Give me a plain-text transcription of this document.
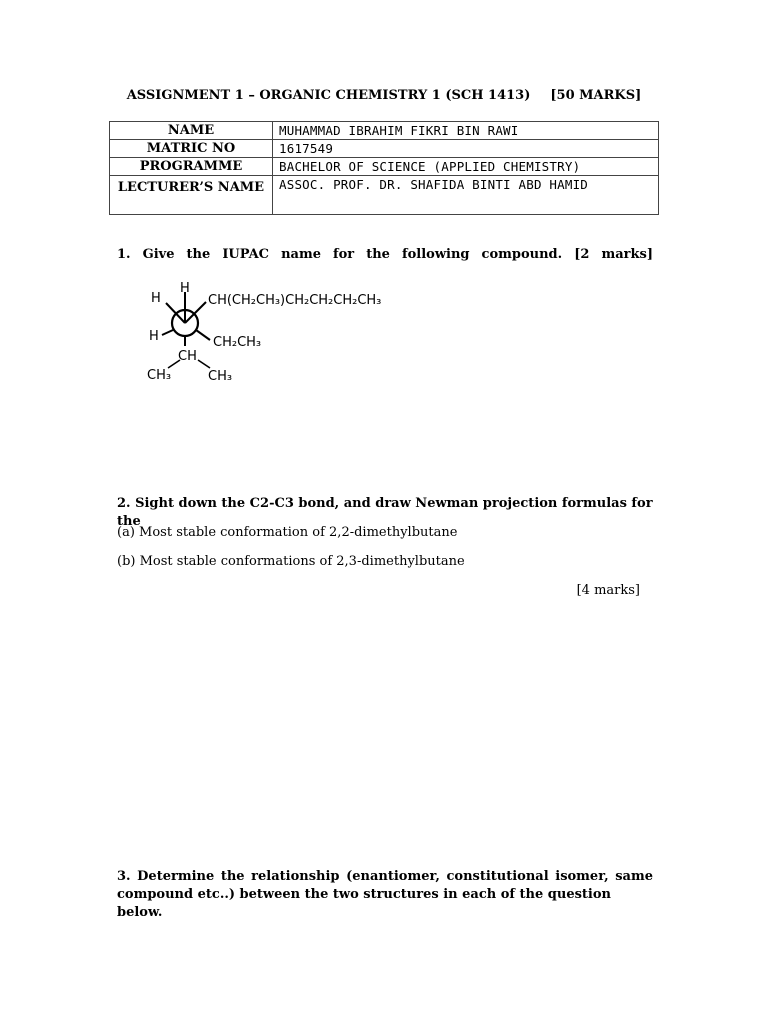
ASSIGNMENT 1 – ORGANIC CHEMISTRY 1 (SCH 1413) [50 MARKS]
NAME	MUHAMMAD IBRAHIM FIKRI BIN RAWI
MATRIC NO	1617549
PROGRAMME	BACHELOR OF SCIENCE (APPLIED CHEMISTRY)
LECTURER’S NAME	ASSOC. PROF. DR. SHAFIDA BINTI ABD HAMID
1. Give the IUPAC name for the following compound. [2 marks]
H
H	CH(CH₂CH₃)CH₂CH₂CH₂CH₃
H	CH₂CH₃
CH
CH₃	CH₃
2. Sight down the C2-C3 bond, and draw Newman projection formulas for the
(a) Most stable conformation of 2,2-dimethylbutane
(b) Most stable conformations of 2,3-dimethylbutane
[4 marks]
3. Determine the relationship (enantiomer, constitutional isomer, same
compound etc..) between the two structures in each of the question below.
